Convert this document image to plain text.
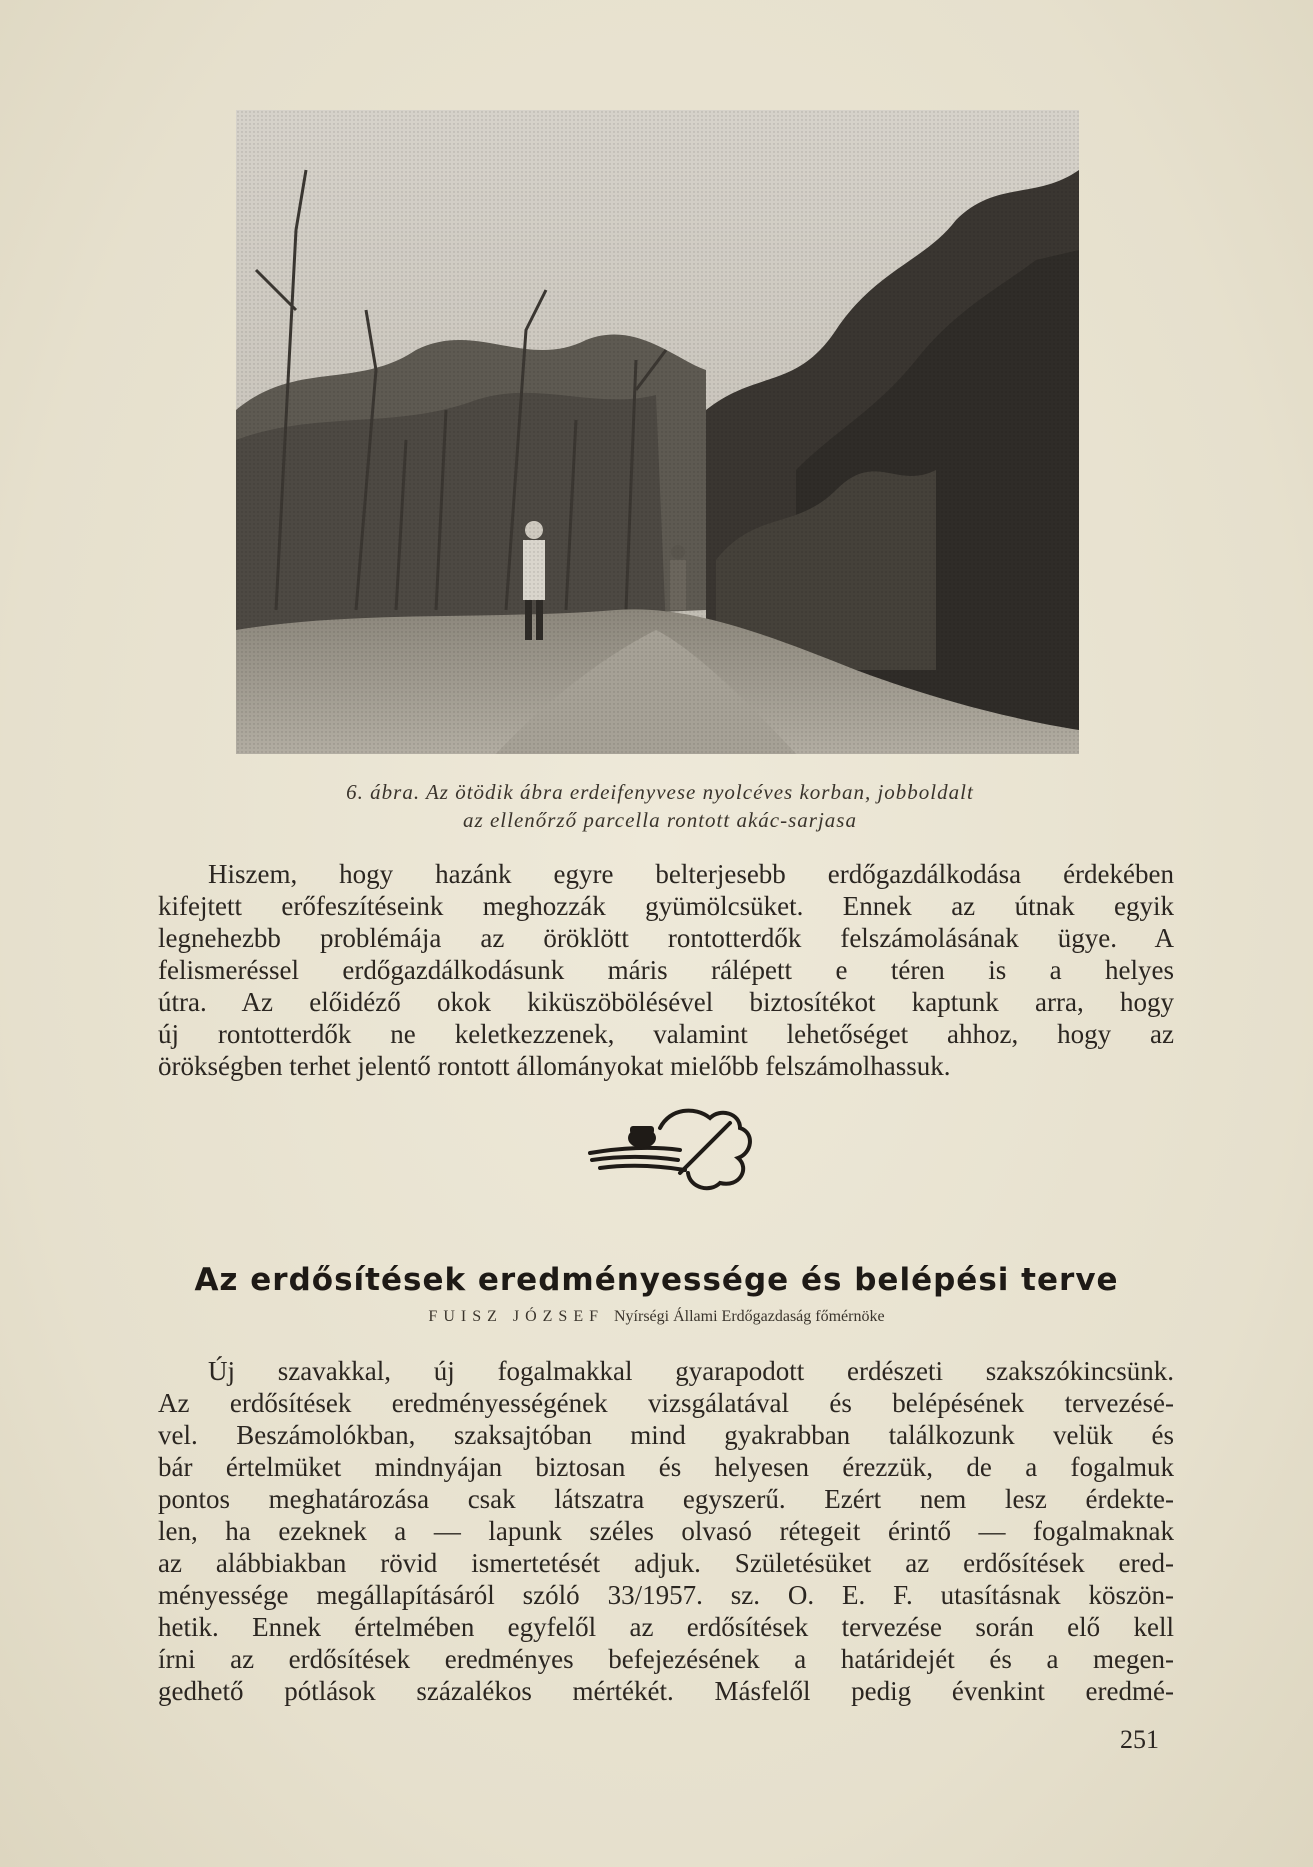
6. ábra. Az ötödik ábra erdeifenyvese nyolcéves korban, jobboldalt
az ellenőrző parcella rontott akác-sarjasa
Hiszem, hogy hazánk egyre belterjesebb erdőgazdálkodása érdekében
kifejtett erőfeszítéseink meghozzák gyümölcsüket. Ennek az útnak egyik
legnehezbb problémája az öröklött rontotterdők felszámolásának ügye. A
felismeréssel erdőgazdálkodásunk máris rálépett e téren is a helyes
útra. Az előidéző okok kiküszöbölésével biztosítékot kaptunk arra, hogy
új rontotterdők ne keletkezzenek, valamint lehetőséget ahhoz, hogy az
örökségben terhet jelentő rontott állományokat mielőbb felszámolhassuk.
Az erdősítések eredményessége és belépési terve
FUISZ JÓZSEF Nyírségi Állami Erdőgazdaság főmérnöke
Új szavakkal, új fogalmakkal gyarapodott erdészeti szakszókincsünk.
Az erdősítések eredményességének vizsgálatával és belépésének tervezésé-
vel. Beszámolókban, szaksajtóban mind gyakrabban találkozunk velük és
bár értelmüket mindnyájan biztosan és helyesen érezzük, de a fogalmuk
pontos meghatározása csak látszatra egyszerű. Ezért nem lesz érdekte-
len, ha ezeknek a — lapunk széles olvasó rétegeit érintő — fogalmaknak
az alábbiakban rövid ismertetését adjuk. Születésüket az erdősítések ered-
ményessége megállapításáról szóló 33/1957. sz. O. E. F. utasításnak köszön-
hetik. Ennek értelmében egyfelől az erdősítések tervezése során elő kell
írni az erdősítések eredményes befejezésének a határidejét és a megen-
gedhető pótlások százalékos mértékét. Másfelől pedig évenkint eredmé-
251
